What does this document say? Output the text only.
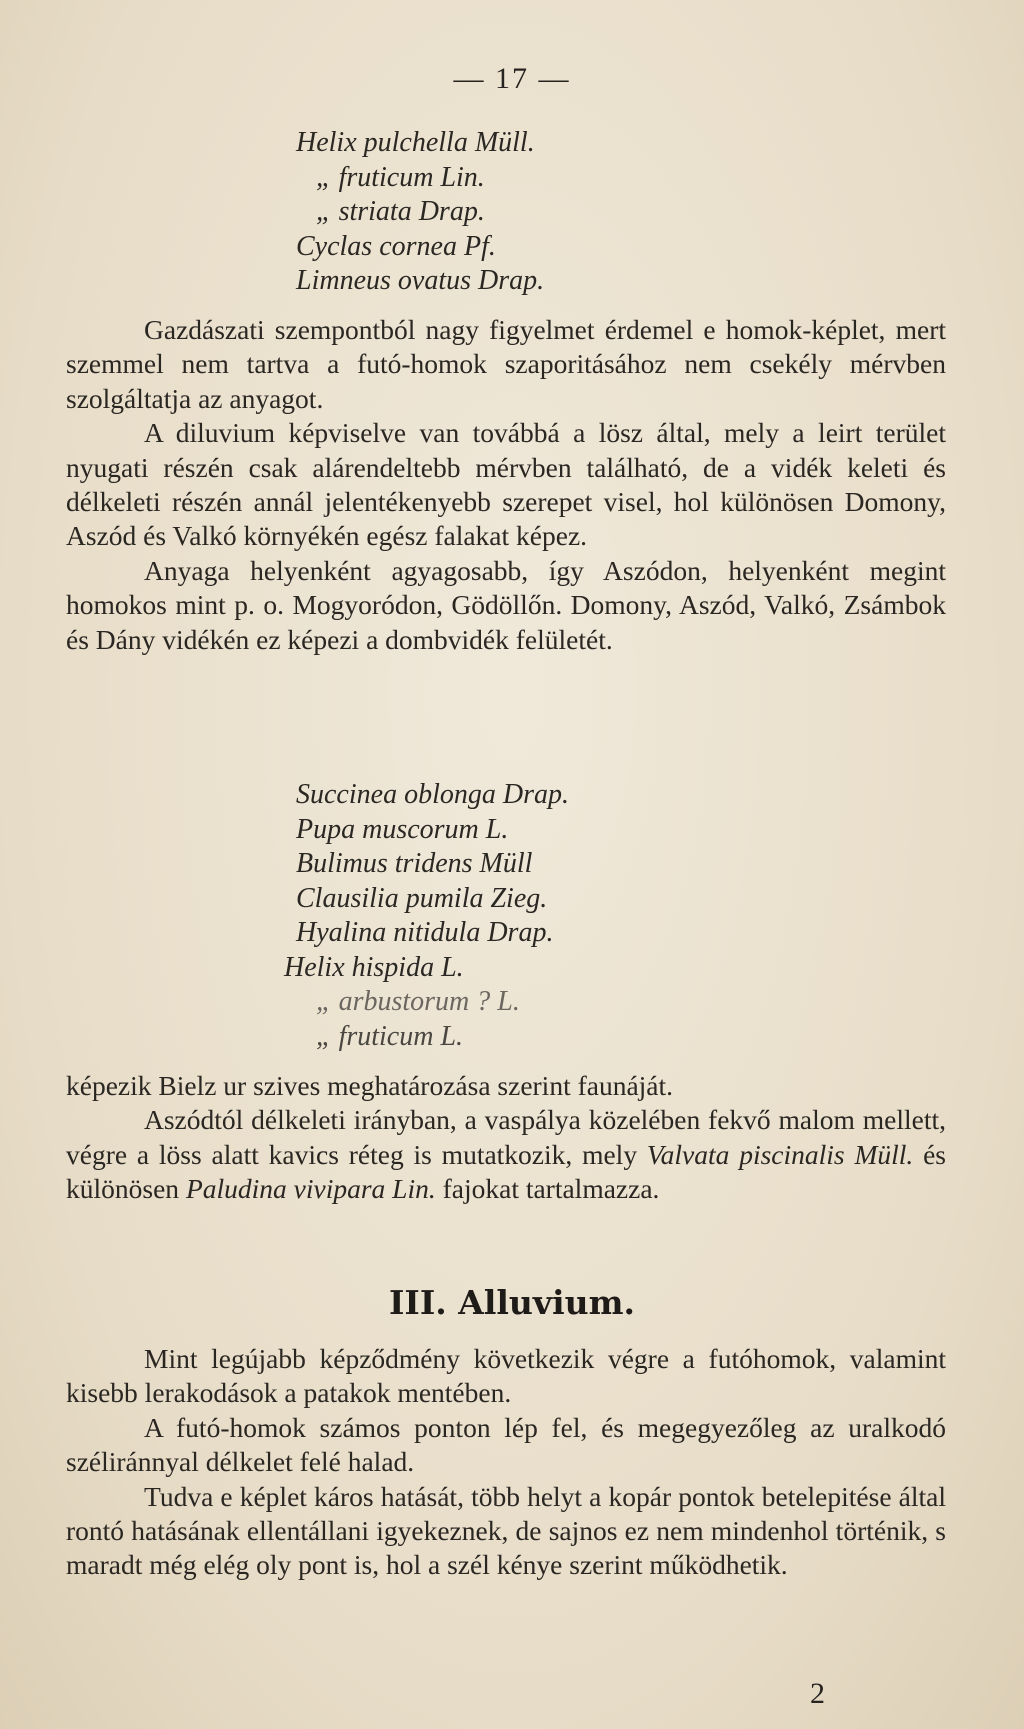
— 17 —
Helix pulchella Müll.
„ fruticum Lin.
„ striata Drap.
Cyclas cornea Pf.
Limneus ovatus Drap.

Gazdászati szempontból nagy figyelmet érdemel e homok-képlet, mert szemmel nem tartva a futó-homok szaporitásához nem csekély mérvben szolgáltatja az anyagot.

A diluvium képviselve van továbbá a lösz által, mely a leirt terület nyugati részén csak alárendeltebb mérvben található, de a vidék keleti és délkeleti részén annál jelentékenyebb szerepet visel, hol különösen Domony, Aszód és Valkó környékén egész falakat képez.

Anyaga helyenként agyagosabb, így Aszódon, helyenként megint homokos mint p. o. Mogyoródon, Gödöllőn. Domony, Aszód, Valkó, Zsámbok és Dány vidékén ez képezi a dombvidék felületét.

Succinea oblonga Drap.
Pupa muscorum L.
Bulimus tridens Müll
Clausilia pumila Zieg.
Hyalina nitidula Drap.
Helix hispida L.
„ arbustorum ? L.
„ fruticum L.

képezik Bielz ur szives meghatározása szerint faunáját.

Aszódtól délkeleti irányban, a vaspálya közelében fekvő malom mellett, végre a löss alatt kavics réteg is mutatkozik, mely Valvata piscinalis Müll. és különösen Paludina vivipara Lin. fajokat tartalmazza.

III. Alluvium.

Mint legújabb képződmény következik végre a futóhomok, valamint kisebb lerakodások a patakok mentében.

A futó-homok számos ponton lép fel, és megegyezőleg az uralkodó széliránnyal délkelet felé halad.

Tudva e képlet káros hatását, több helyt a kopár pontok betelepitése által rontó hatásának ellentállani igyekeznek, de sajnos ez nem mindenhol történik, s maradt még elég oly pont is, hol a szél kénye szerint működhetik.

2
